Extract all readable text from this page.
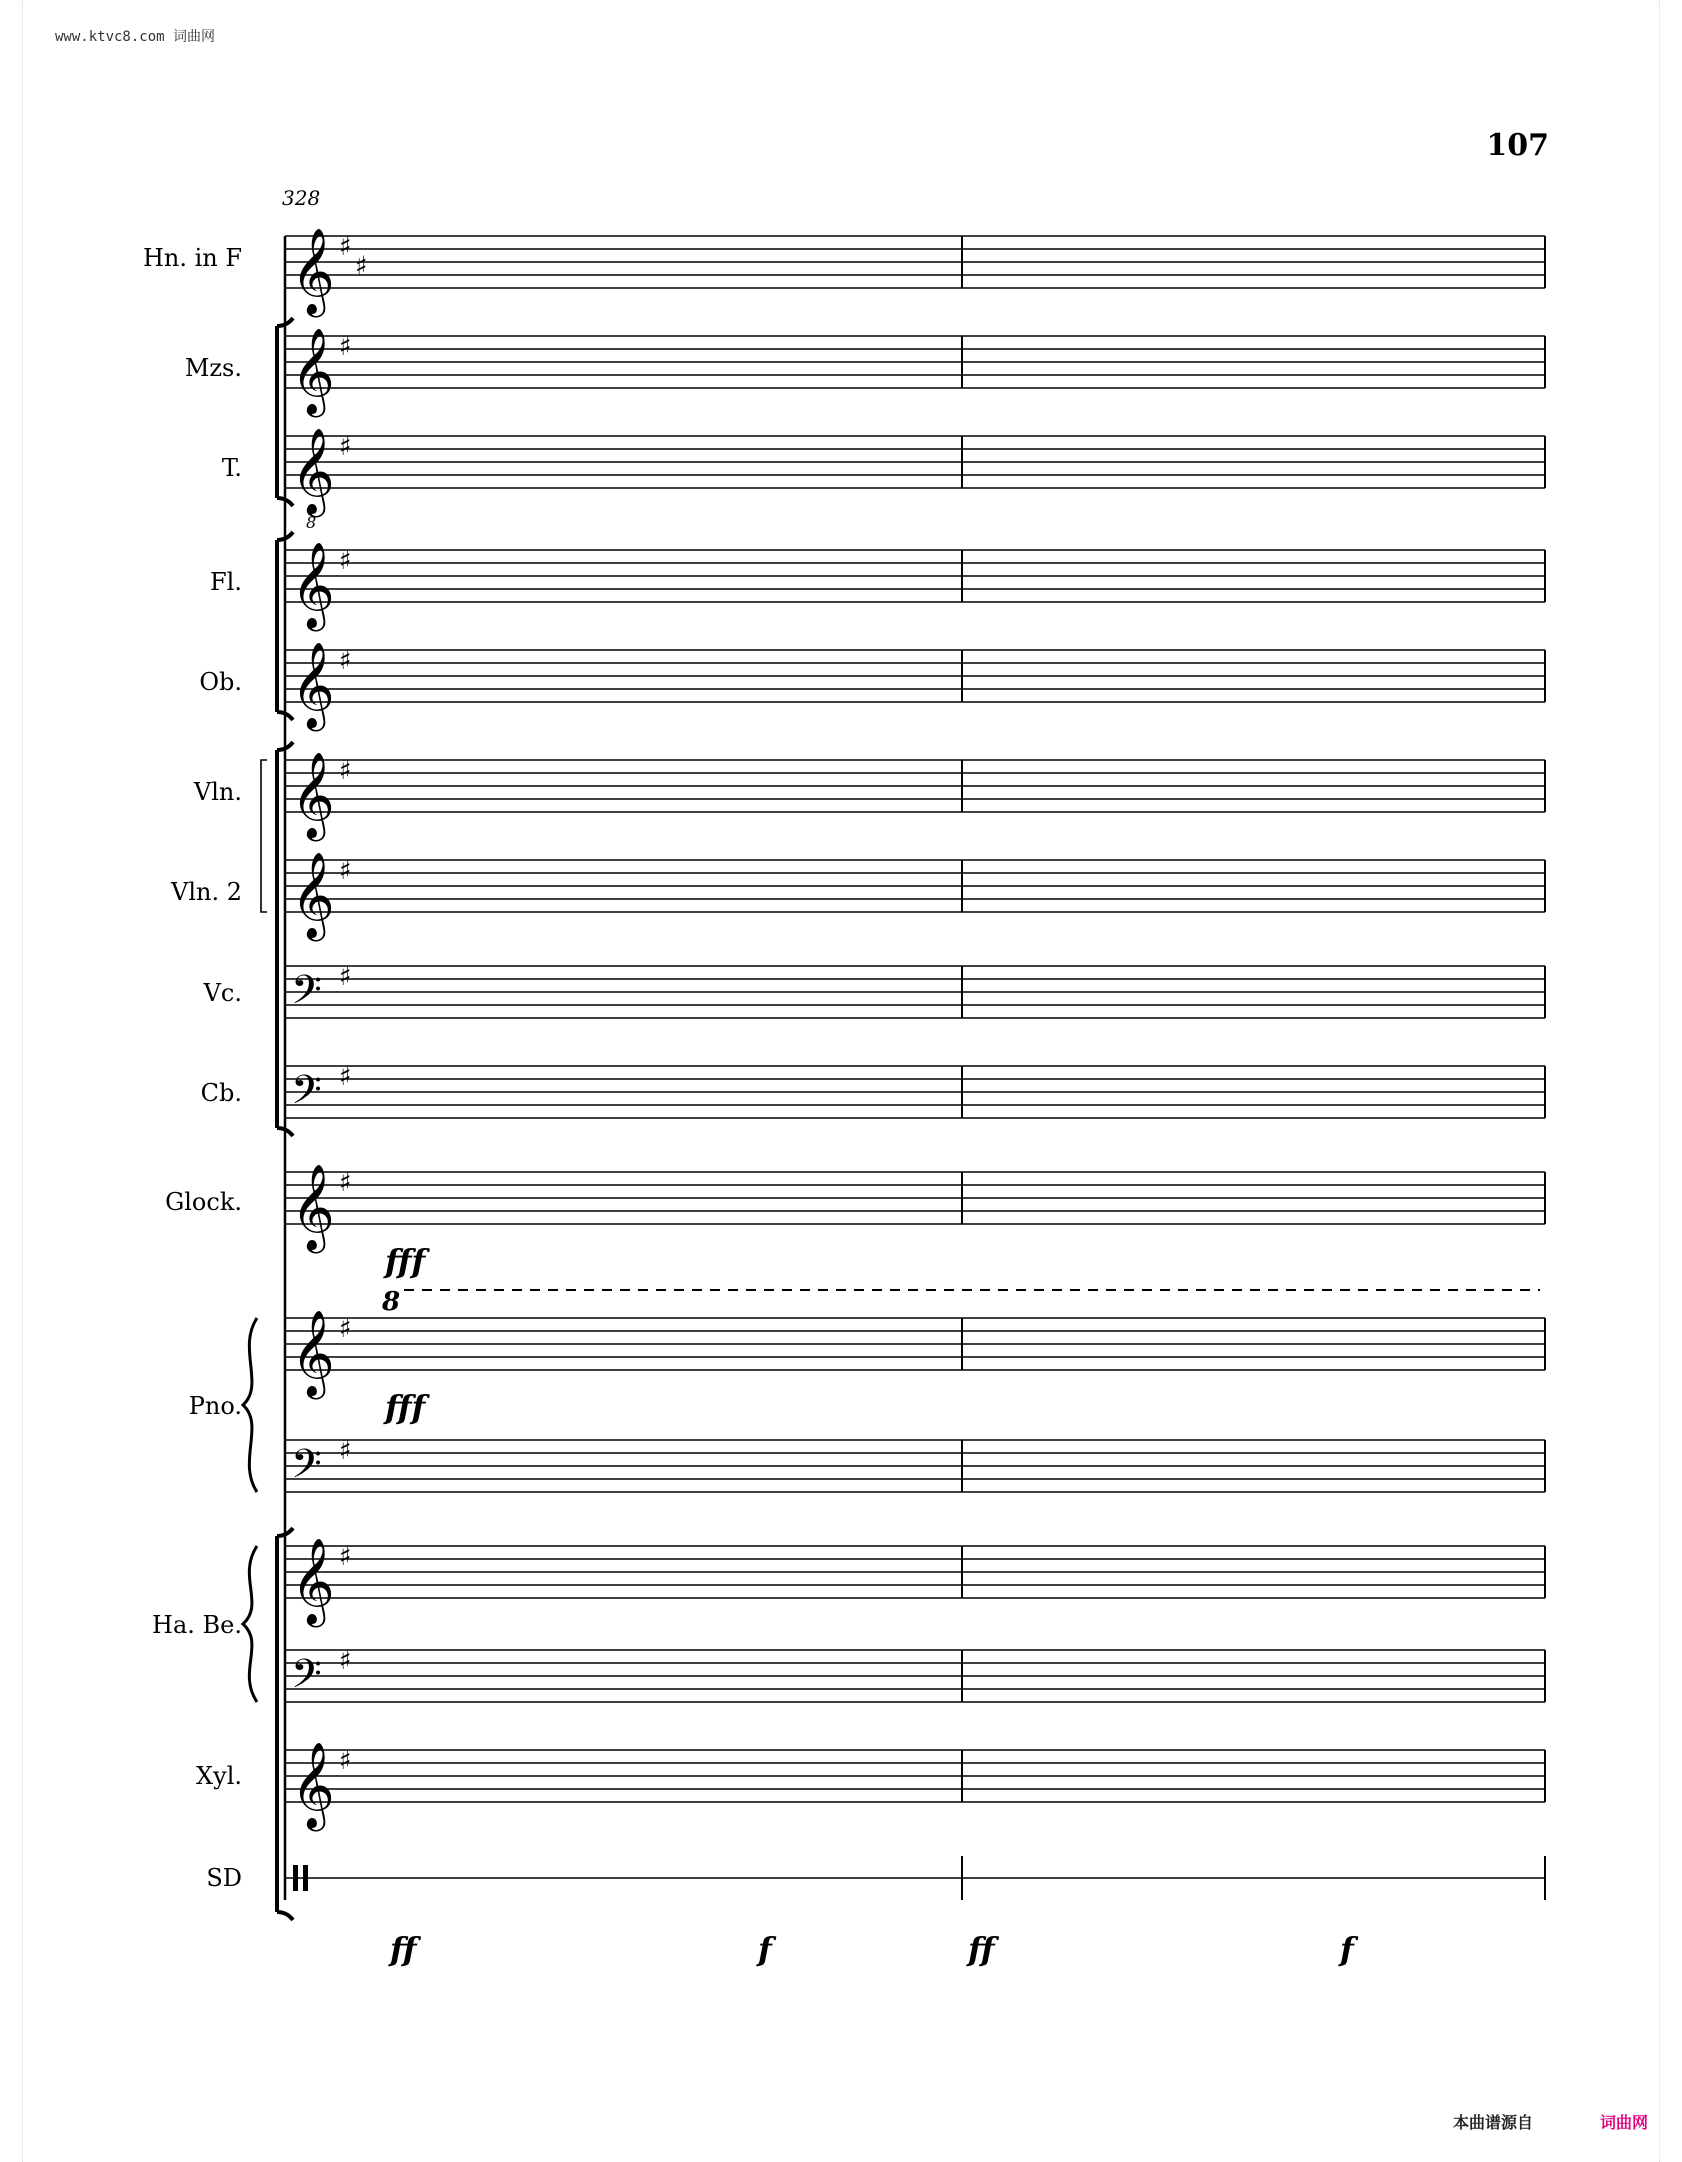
www.ktvc8.com 词曲网
107
328
𝄞 ♯
♯
𝄞 ♯
𝄞 ♯
𝄞 ♯
𝄞 ♯
𝄞 ♯
𝄞 ♯
𝄢 ♯
𝄢 ♯
𝄞 ♯
𝄞 ♯
𝄢 ♯
𝄞 ♯
𝄢 ♯
𝄞 ♯
Hn. in F
Mzs.
T.
Fl.
Ob.
Vln.
Vln. 2
Vc.
Cb.
Glock.
Pno.
Ha. Be.
Xyl.
SD
8
8
fff
fff
ff	f	ff	f
本曲谱源自	词曲网
